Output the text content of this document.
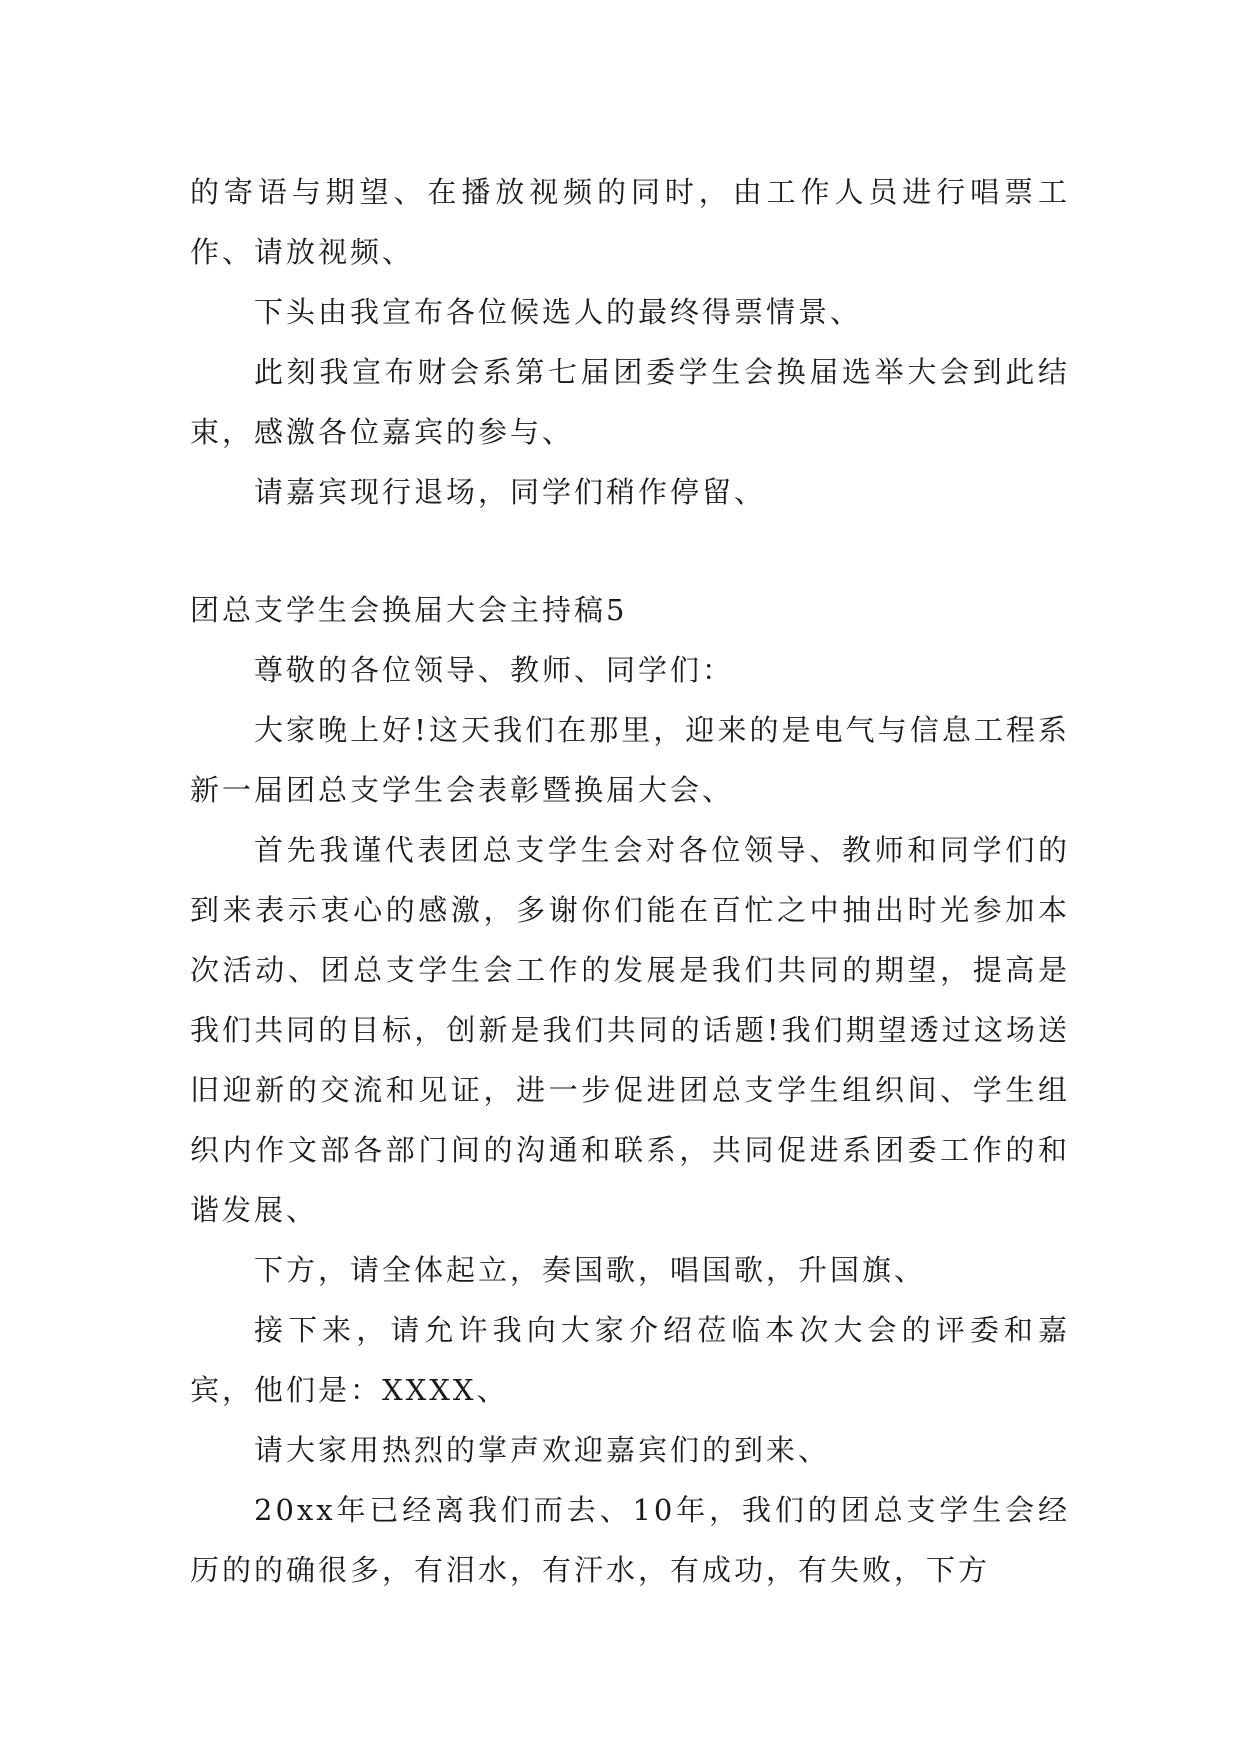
的寄语与期望、在播放视频的同时，由工作人员进行唱票工作、请放视频、

下头由我宣布各位候选人的最终得票情景、

此刻我宣布财会系第七届团委学生会换届选举大会到此结束，感激各位嘉宾的参与、

请嘉宾现行退场，同学们稍作停留、

团总支学生会换届大会主持稿5

尊敬的各位领导、教师、同学们：

大家晚上好!这天我们在那里，迎来的是电气与信息工程系新一届团总支学生会表彰暨换届大会、

首先我谨代表团总支学生会对各位领导、教师和同学们的到来表示衷心的感激，多谢你们能在百忙之中抽出时光参加本次活动、团总支学生会工作的发展是我们共同的期望，提高是我们共同的目标，创新是我们共同的话题!我们期望透过这场送旧迎新的交流和见证，进一步促进团总支学生组织间、学生组织内作文部各部门间的沟通和联系，共同促进系团委工作的和谐发展、

下方，请全体起立，奏国歌，唱国歌，升国旗、

接下来，请允许我向大家介绍莅临本次大会的评委和嘉宾，他们是：XXXX、

请大家用热烈的掌声欢迎嘉宾们的到来、

20xx年已经离我们而去、10年，我们的团总支学生会经历的的确很多，有泪水，有汗水，有成功，有失败，下方
